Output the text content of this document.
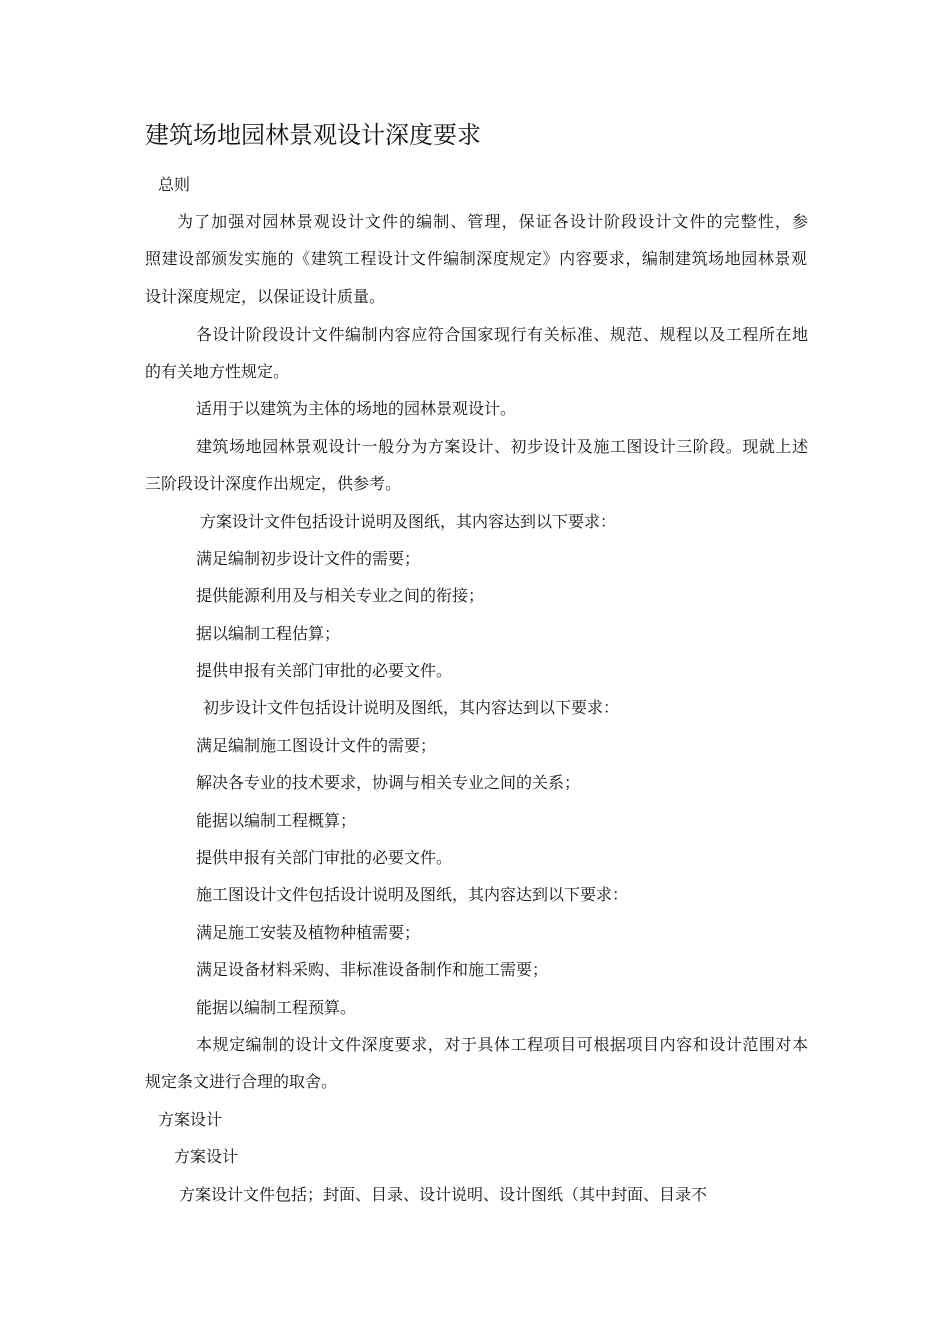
建筑场地园林景观设计深度要求
总则
为了加强对园林景观设计文件的编制、管理，保证各设计阶段设计文件的完整性，参
照建设部颁发实施的《建筑工程设计文件编制深度规定》内容要求，编制建筑场地园林景观
设计深度规定，以保证设计质量。
各设计阶段设计文件编制内容应符合国家现行有关标准、规范、规程以及工程所在地
的有关地方性规定。
适用于以建筑为主体的场地的园林景观设计。
建筑场地园林景观设计一般分为方案设计、初步设计及施工图设计三阶段。现就上述
三阶段设计深度作出规定，供参考。
方案设计文件包括设计说明及图纸，其内容达到以下要求：
满足编制初步设计文件的需要；
提供能源利用及与相关专业之间的衔接；
据以编制工程估算；
提供申报有关部门审批的必要文件。
初步设计文件包括设计说明及图纸，其内容达到以下要求：
满足编制施工图设计文件的需要；
解决各专业的技术要求，协调与相关专业之间的关系；
能据以编制工程概算；
提供申报有关部门审批的必要文件。
施工图设计文件包括设计说明及图纸，其内容达到以下要求：
满足施工安装及植物种植需要；
满足设备材料采购、非标准设备制作和施工需要；
能据以编制工程预算。
本规定编制的设计文件深度要求，对于具体工程项目可根据项目内容和设计范围对本
规定条文进行合理的取舍。
方案设计
方案设计
方案设计文件包括；封面、目录、设计说明、设计图纸（其中封面、目录不
